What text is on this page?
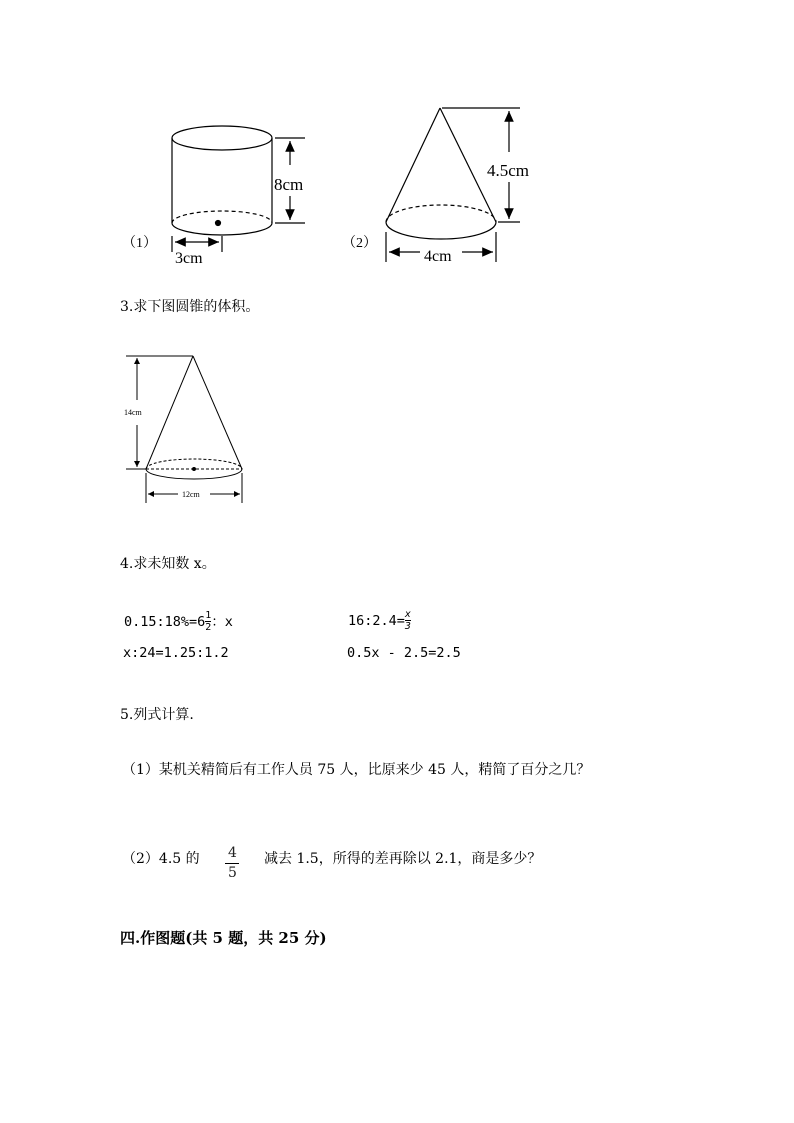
8cm
3cm
（1）
4.5cm
4cm
（2）
3.求下图圆锥的体积。
14cm
12cm
4.求未知数 x。
0.15:18%=6 $\frac{1}{2}$ ：x	16:2.4= $\frac{x}{3}$
x:24=1.25:1.2	0.5x - 2.5=2.5
5.列式计算.
（1）某机关精简后有工作人员 75 人，比原来少 45 人，精简了百分之几？
（2）4.5 的 $\frac{4}{5}$ 减去 1.5，所得的差再除以 2.1，商是多少？
四.作图题(共 5 题，共 25 分)
